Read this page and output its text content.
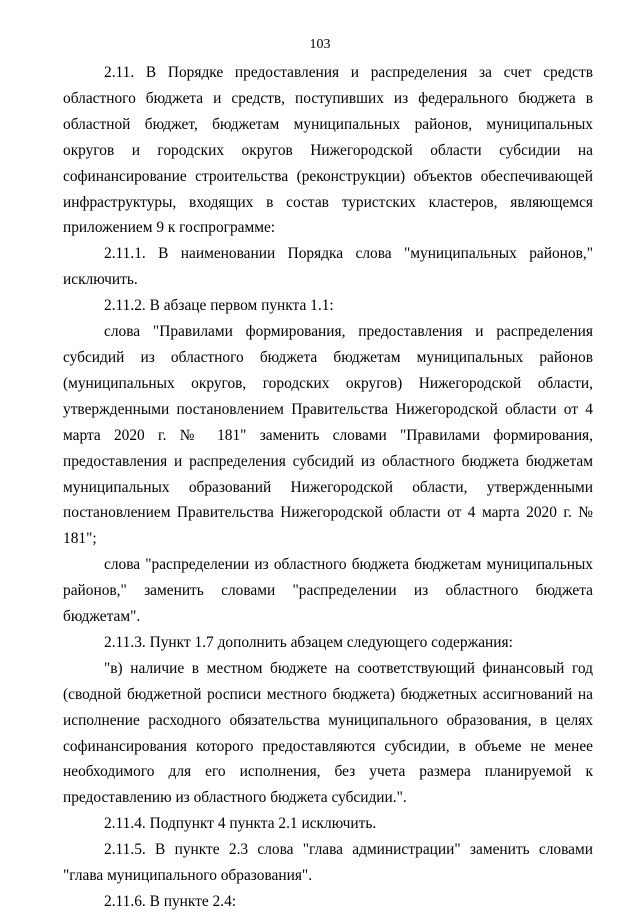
103

2.11. В Порядке предоставления и распределения за счет средств областного бюджета и средств, поступивших из федерального бюджета в областной бюджет, бюджетам муниципальных районов, муниципальных округов и городских округов Нижегородской области субсидии на софинансирование строительства (реконструкции) объектов обеспечивающей инфраструктуры, входящих в состав туристских кластеров, являющемся приложением 9 к госпрограмме:

2.11.1. В наименовании Порядка слова "муниципальных районов," исключить.

2.11.2. В абзаце первом пункта 1.1:

слова "Правилами формирования, предоставления и распределения субсидий из областного бюджета бюджетам муниципальных районов (муниципальных округов, городских округов) Нижегородской области, утвержденными постановлением Правительства Нижегородской области от 4 марта 2020 г. № 181" заменить словами "Правилами формирования, предоставления и распределения субсидий из областного бюджета бюджетам муниципальных образований Нижегородской области, утвержденными постановлением Правительства Нижегородской области от 4 марта 2020 г. № 181";

слова "распределении из областного бюджета бюджетам муниципальных районов," заменить словами "распределении из областного бюджета бюджетам".

2.11.3. Пункт 1.7 дополнить абзацем следующего содержания:

"в) наличие в местном бюджете на соответствующий финансовый год (сводной бюджетной росписи местного бюджета) бюджетных ассигнований на исполнение расходного обязательства муниципального образования, в целях софинансирования которого предоставляются субсидии, в объеме не менее необходимого для его исполнения, без учета размера планируемой к предоставлению из областного бюджета субсидии.".

2.11.4. Подпункт 4 пункта 2.1 исключить.

2.11.5. В пункте 2.3 слова "глава администрации" заменить словами "глава муниципального образования".

2.11.6. В пункте 2.4:
